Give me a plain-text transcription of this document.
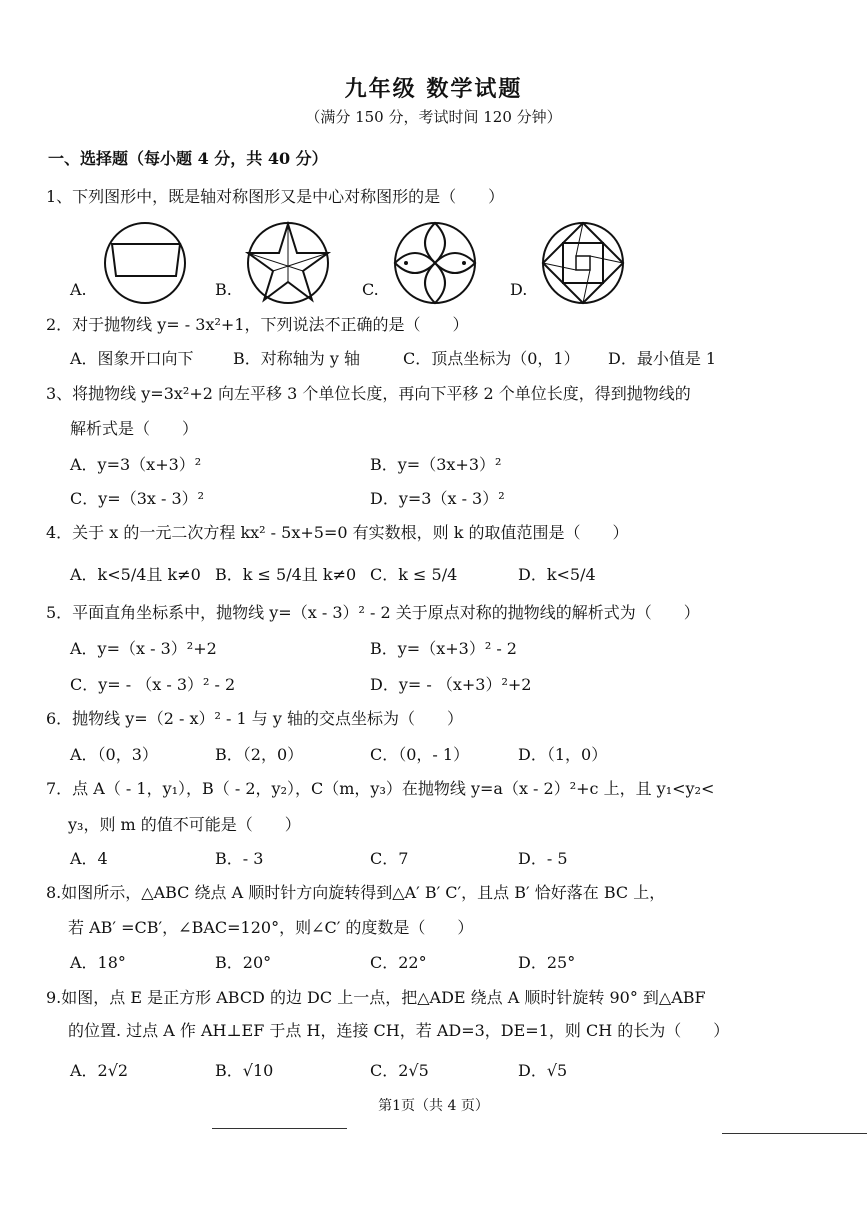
九年级 数学试题
（满分 150 分，考试时间 120 分钟）
一、选择题（每小题 4 分，共 40 分）
1、下列图形中，既是轴对称图形又是中心对称图形的是（　　）
A.	B.	C.	D.
2．对于抛物线 y= - 3x²+1，下列说法不正确的是（　　）
A．图象开口向下 B．对称轴为 y 轴	C．顶点坐标为（0，1） D．最小值是 1
3、将抛物线 y=3x²+2 向左平移 3 个单位长度，再向下平移 2 个单位长度，得到抛物线的
解析式是（　　）
A．y=3（x+3）²	B．y=（3x+3）²
C．y=（3x - 3）²	D．y=3（x - 3）²
4．关于 x 的一元二次方程 kx² - 5x+5=0 有实数根，则 k 的取值范围是（　　）
A．k<5/4且 k≠0 B．k ≤ 5/4且 k≠0 C．k ≤ 5/4	D．k<5/4
5．平面直角坐标系中，抛物线 y=（x - 3）² - 2 关于原点对称的抛物线的解析式为（　　）
A．y=（x - 3）²+2	B．y=（x+3）² - 2
C．y= - （x - 3）² - 2	D．y= - （x+3）²+2
6．抛物线 y=（2 - x）² - 1 与 y 轴的交点坐标为（　　）
A．（0，3）	B．（2，0）	C．（0，- 1）	D．（1，0）
7．点 A（ - 1，y₁），B（ - 2，y₂），C（m，y₃）在抛物线 y=a（x - 2）²+c 上，且 y₁<y₂<
y₃，则 m 的值不可能是（　　）
A．4	B．- 3	C．7	D．- 5
8.如图所示，△ABC 绕点 A 顺时针方向旋转得到△A′ B′ C′，且点 B′ 恰好落在 BC 上，
若 AB′ =CB′，∠BAC=120°，则∠C′ 的度数是（　　）
A．18°	B．20°	C．22°	D．25°
9.如图，点 E 是正方形 ABCD 的边 DC 上一点，把△ADE 绕点 A 顺时针旋转 90° 到△ABF
的位置. 过点 A 作 AH⊥EF 于点 H，连接 CH，若 AD=3，DE=1，则 CH 的长为（　　）
A．2√2	B．√10	C．2√5	D．√5
第1页（共 4 页）
